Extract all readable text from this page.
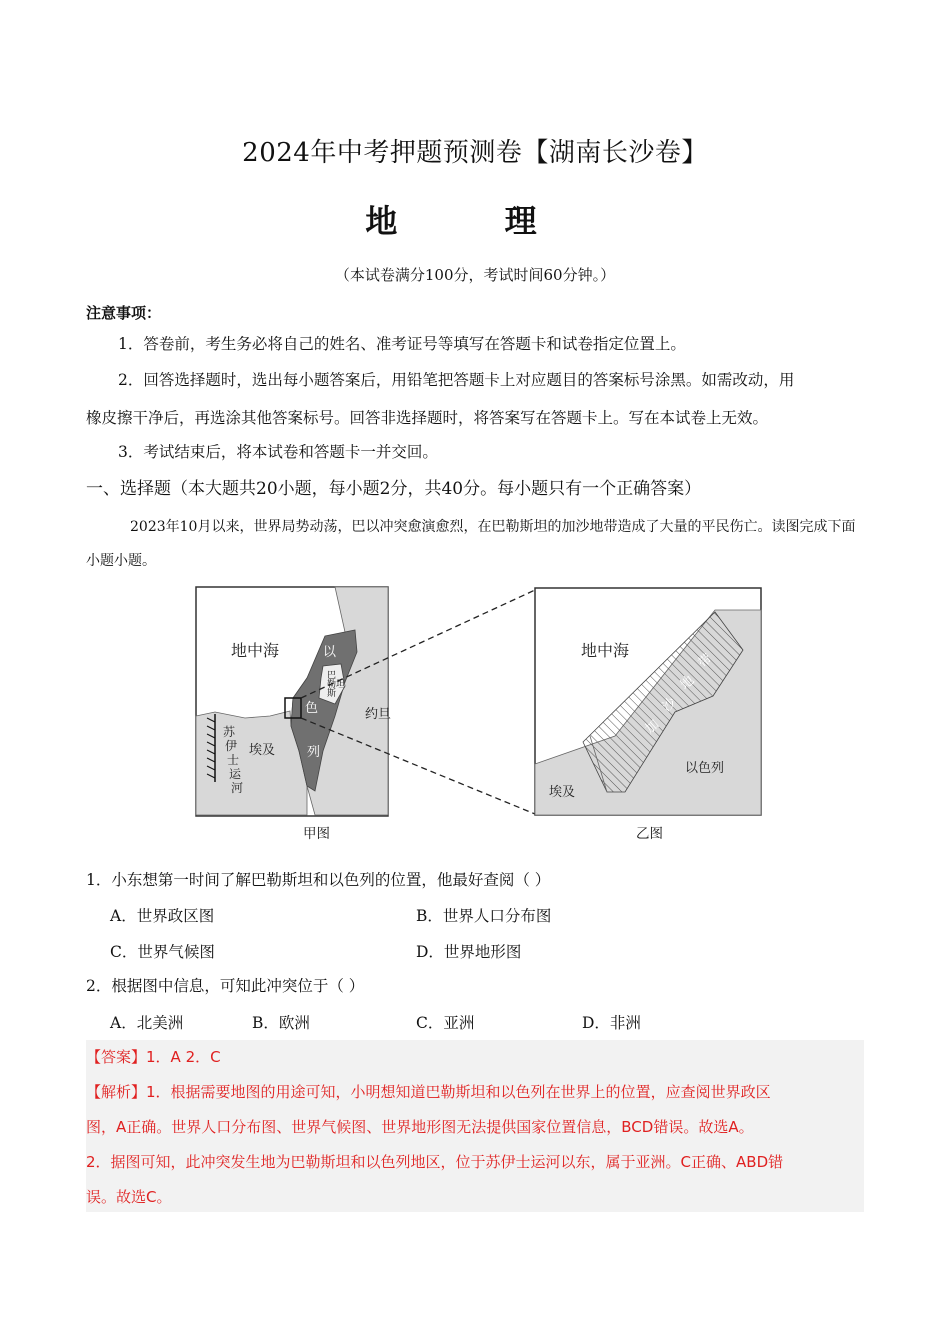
2024年中考押题预测卷【湖南长沙卷】
地 理
（本试卷满分100分，考试时间60分钟。）
注意事项：
1．答卷前，考生务必将自己的姓名、准考证号等填写在答题卡和试卷指定位置上。
2．回答选择题时，选出每小题答案后，用铅笔把答题卡上对应题目的答案标号涂黑。如需改动，用
橡皮擦干净后，再选涂其他答案标号。回答非选择题时，将答案写在答题卡上。写在本试卷上无效。
3．考试结束后，将本试卷和答题卡一并交回。
一、选择题（本大题共20小题，每小题2分，共40分。每小题只有一个正确答案）
2023年10月以来，世界局势动荡，巴以冲突愈演愈烈，在巴勒斯坦的加沙地带造成了大量的平民伤亡。读图完成下面小题小题。
地中海	以
色
列
巴
勒
斯
坦
约旦
埃及
苏
伊
士
运
河
地中海
加
沙
地
带
以色列
埃及
甲图	乙图
1．小东想第一时间了解巴勒斯坦和以色列的位置，他最好查阅（ ）
A．世界政区图	B．世界人口分布图
C．世界气候图	D．世界地形图
2．根据图中信息，可知此冲突位于（ ）
A．北美洲	B．欧洲	C．亚洲	D．非洲
【答案】1．A 2．C
【解析】1．根据需要地图的用途可知，小明想知道巴勒斯坦和以色列在世界上的位置，应查阅世界政区
图，A正确。世界人口分布图、世界气候图、世界地形图无法提供国家位置信息，BCD错误。故选A。
2．据图可知，此冲突发生地为巴勒斯坦和以色列地区，位于苏伊士运河以东，属于亚洲。C正确、ABD错
误。故选C。
